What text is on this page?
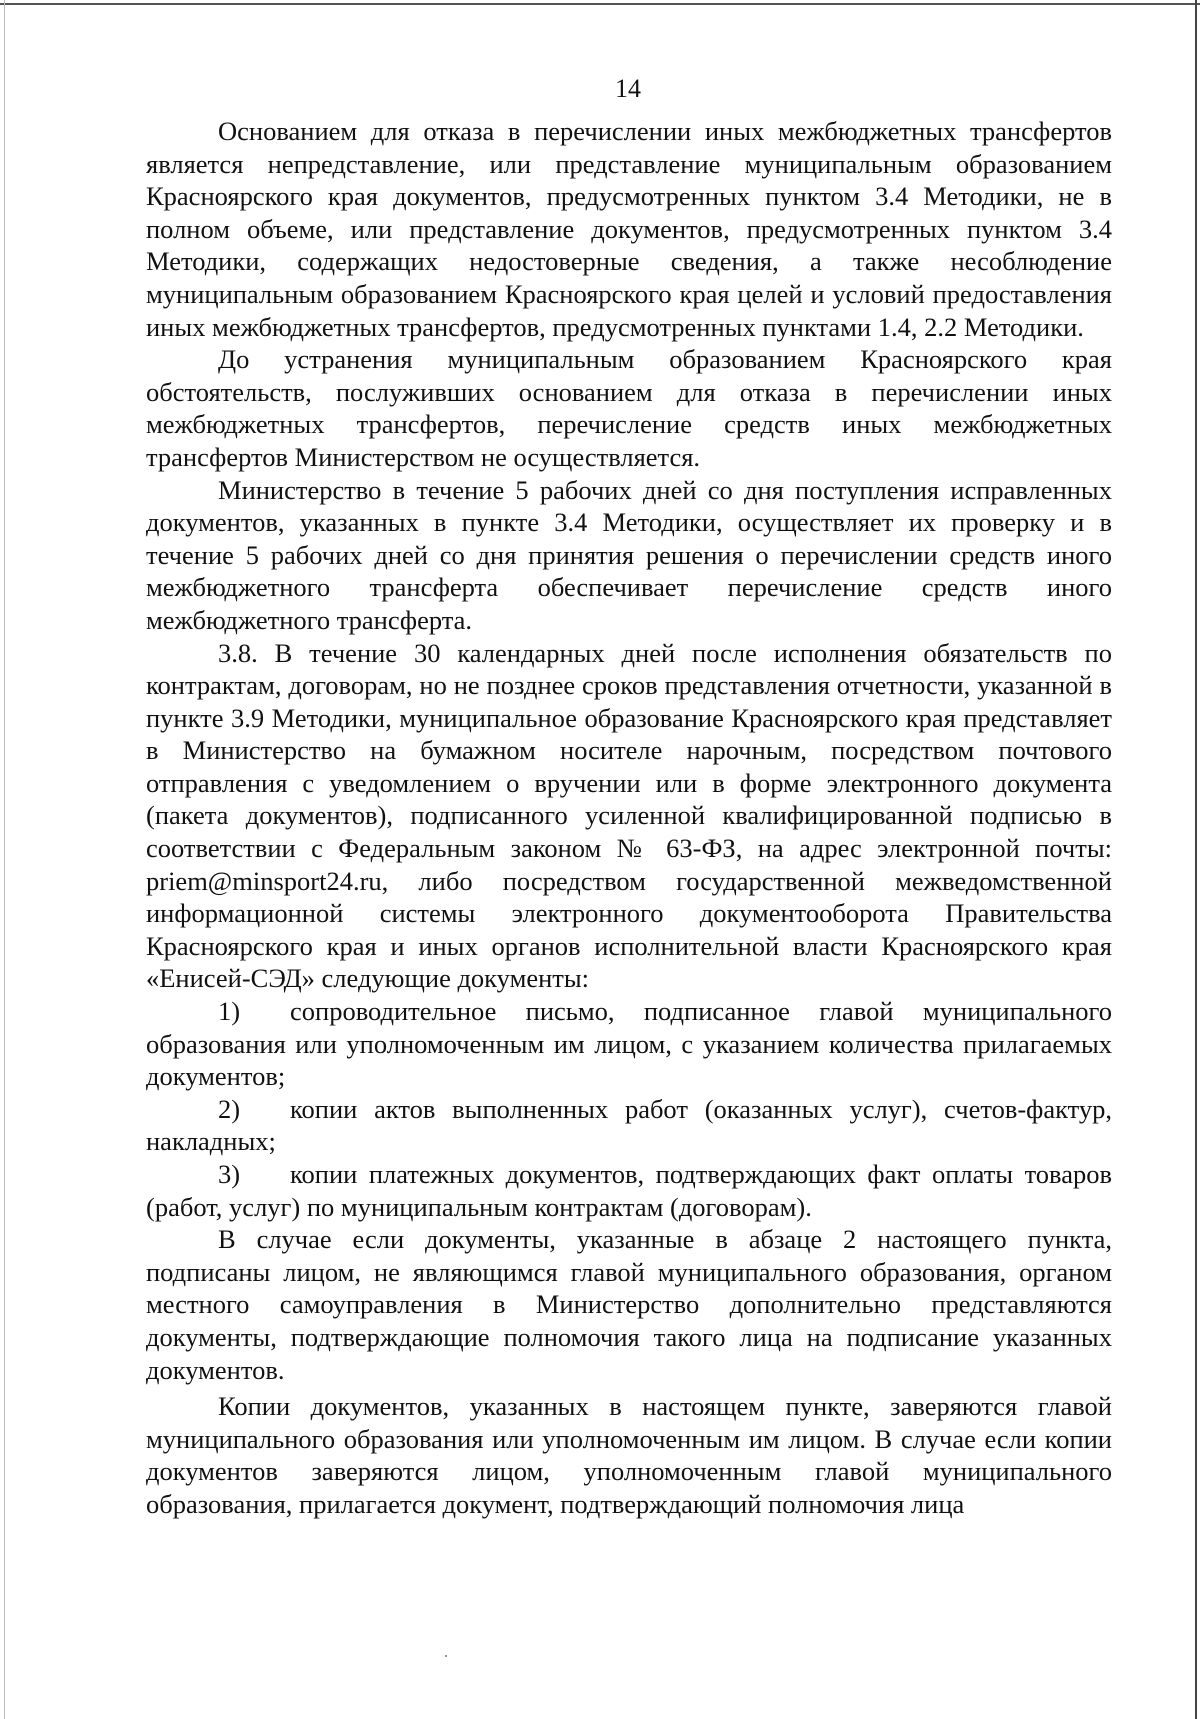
14

Основанием для отказа в перечислении иных межбюджетных трансфертов является непредставление, или представление муниципальным образованием Красноярского края документов, предусмотренных пунктом 3.4 Методики, не в полном объеме, или представление документов, предусмотренных пунктом 3.4 Методики, содержащих недостоверные сведения, а также несоблюдение муниципальным образованием Красноярского края целей и условий предоставления иных межбюджетных трансфертов, предусмотренных пунктами 1.4, 2.2 Методики.

До устранения муниципальным образованием Красноярского края обстоятельств, послуживших основанием для отказа в перечислении иных межбюджетных трансфертов, перечисление средств иных межбюджетных трансфертов Министерством не осуществляется.

Министерство в течение 5 рабочих дней со дня поступления исправленных документов, указанных в пункте 3.4 Методики, осуществляет их проверку и в течение 5 рабочих дней со дня принятия решения о перечислении средств иного межбюджетного трансферта обеспечивает перечисление средств иного межбюджетного трансферта.

3.8. В течение 30 календарных дней после исполнения обязательств по контрактам, договорам, но не позднее сроков представления отчетности, указанной в пункте 3.9 Методики, муниципальное образование Красноярского края представляет в Министерство на бумажном носителе нарочным, посредством почтового отправления с уведомлением о вручении или в форме электронного документа (пакета документов), подписанного усиленной квалифицированной подписью в соответствии с Федеральным законом № 63-ФЗ, на адрес электронной почты: priem@minsport24.ru, либо посредством государственной межведомственной информационной системы электронного документооборота Правительства Красноярского края и иных органов исполнительной власти Красноярского края «Енисей-СЭД» следующие документы:

1) сопроводительное письмо, подписанное главой муниципального образования или уполномоченным им лицом, с указанием количества прилагаемых документов;

2) копии актов выполненных работ (оказанных услуг), счетов-фактур, накладных;

3) копии платежных документов, подтверждающих факт оплаты товаров (работ, услуг) по муниципальным контрактам (договорам).

В случае если документы, указанные в абзаце 2 настоящего пункта, подписаны лицом, не являющимся главой муниципального образования, органом местного самоуправления в Министерство дополнительно представляются документы, подтверждающие полномочия такого лица на подписание указанных документов.

Копии документов, указанных в настоящем пункте, заверяются главой муниципального образования или уполномоченным им лицом. В случае если копии документов заверяются лицом, уполномоченным главой муниципального образования, прилагается документ, подтверждающий полномочия лица
